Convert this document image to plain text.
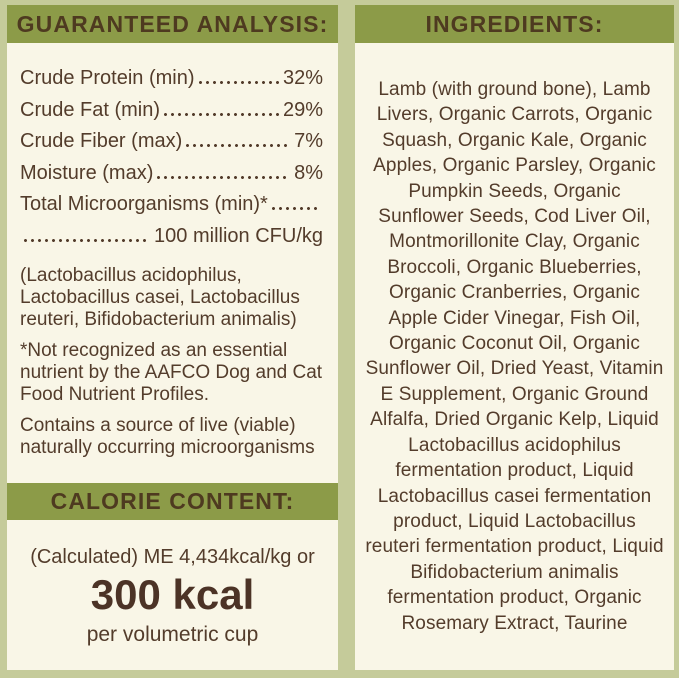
GUARANTEED ANALYSIS:
Crude Protein (min)	32%
Crude Fat (min)	29%
Crude Fiber (max)	7%
Moisture (max)	8%
Total Microorganisms (min)*
100 million CFU/kg

(Lactobacillus acidophilus, Lactobacillus casei, Lactobacillus reuteri, Bifidobacterium animalis)

*Not recognized as an essential nutrient by the AAFCO Dog and Cat Food Nutrient Profiles.

Contains a source of live (viable) naturally occurring microorganisms

CALORIE CONTENT:
(Calculated) ME 4,434kcal/kg or
300 kcal
per volumetric cup
INGREDIENTS:
Lamb (with ground bone), Lamb Livers, Organic Carrots, Organic Squash, Organic Kale, Organic Apples, Organic Parsley, Organic Pumpkin Seeds, Organic Sunflower Seeds, Cod Liver Oil, Montmorillonite Clay, Organic Broccoli, Organic Blueberries, Organic Cranberries, Organic Apple Cider Vinegar, Fish Oil, Organic Coconut Oil, Organic Sunflower Oil, Dried Yeast, Vitamin E Supplement, Organic Ground Alfalfa, Dried Organic Kelp, Liquid Lactobacillus acidophilus fermentation product, Liquid Lactobacillus casei fermentation product, Liquid Lactobacillus reuteri fermentation product, Liquid Bifidobacterium animalis fermentation product, Organic Rosemary Extract, Taurine
